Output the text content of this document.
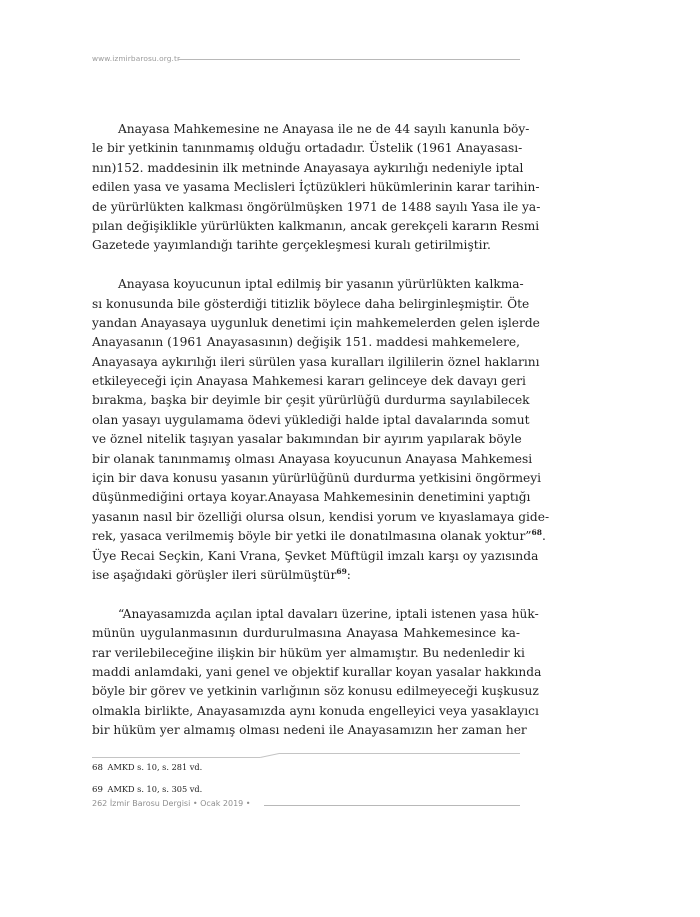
www.izmirbarosu.org.tr
Anayasa Mahkemesine ne Anayasa ile ne de 44 sayılı kanunla böy-
le bir yetkinin tanınmamış olduğu ortadadır. Üstelik (1961 Anayasası-
nın)152. maddesinin ilk metninde Anayasaya aykırılığı nedeniyle iptal
edilen yasa ve yasama Meclisleri İçtüzükleri hükümlerinin karar tarihin-
de yürürlükten kalkması öngörülmüşken 1971 de 1488 sayılı Yasa ile ya-
pılan değişiklikle yürürlükten kalkmanın, ancak gerekçeli kararın Resmi
Gazetede yayımlandığı tarihte gerçekleşmesi kuralı getirilmiştir.
Anayasa koyucunun iptal edilmiş bir yasanın yürürlükten kalkma-
sı konusunda bile gösterdiği titizlik böylece daha belirginleşmiştir. Öte
yandan Anayasaya uygunluk denetimi için mahkemelerden gelen işlerde
Anayasanın (1961 Anayasasının) değişik 151. maddesi mahkemelere,
Anayasaya aykırılığı ileri sürülen yasa kuralları ilgililerin öznel haklarını
etkileyeceği için Anayasa Mahkemesi kararı gelinceye dek davayı geri
bırakma, başka bir deyimle bir çeşit yürürlüğü durdurma sayılabilecek
olan yasayı uygulamama ödevi yüklediği halde iptal davalarında somut
ve öznel nitelik taşıyan yasalar bakımından bir ayırım yapılarak böyle
bir olanak tanınmamış olması Anayasa koyucunun Anayasa Mahkemesi
için bir dava konusu yasanın yürürlüğünü durdurma yetkisini öngörmeyi
düşünmediğini ortaya koyar.Anayasa Mahkemesinin denetimini yaptığı
yasanın nasıl bir özelliği olursa olsun, kendisi yorum ve kıyaslamaya gide-
rek, yasaca verilmemiş böyle bir yetki ile donatılmasına olanak yoktur”$^{68}$.
Üye Recai Seçkin, Kani Vrana, Şevket Müftügil imzalı karşı oy yazısında
ise aşağıdaki görüşler ileri sürülmüştür$^{69}$:
“Anayasamızda açılan iptal davaları üzerine, iptali istenen yasa hük-
münün uygulanmasının durdurulmasına Anayasa Mahkemesince ka-
rar verilebileceğine ilişkin bir hüküm yer almamıştır. Bu nedenledir ki
maddi anlamdaki, yani genel ve objektif kurallar koyan yasalar hakkında
böyle bir görev ve yetkinin varlığının söz konusu edilmeyeceği kuşkusuz
olmakla birlikte, Anayasamızda aynı konuda engelleyici veya yasaklayıcı
bir hüküm yer almamış olması nedeni ile Anayasamızın her zaman her
68 AMKD s. 10, s. 281 vd.
69 AMKD s. 10, s. 305 vd.
262 İzmir Barosu Dergisi • Ocak 2019 •
